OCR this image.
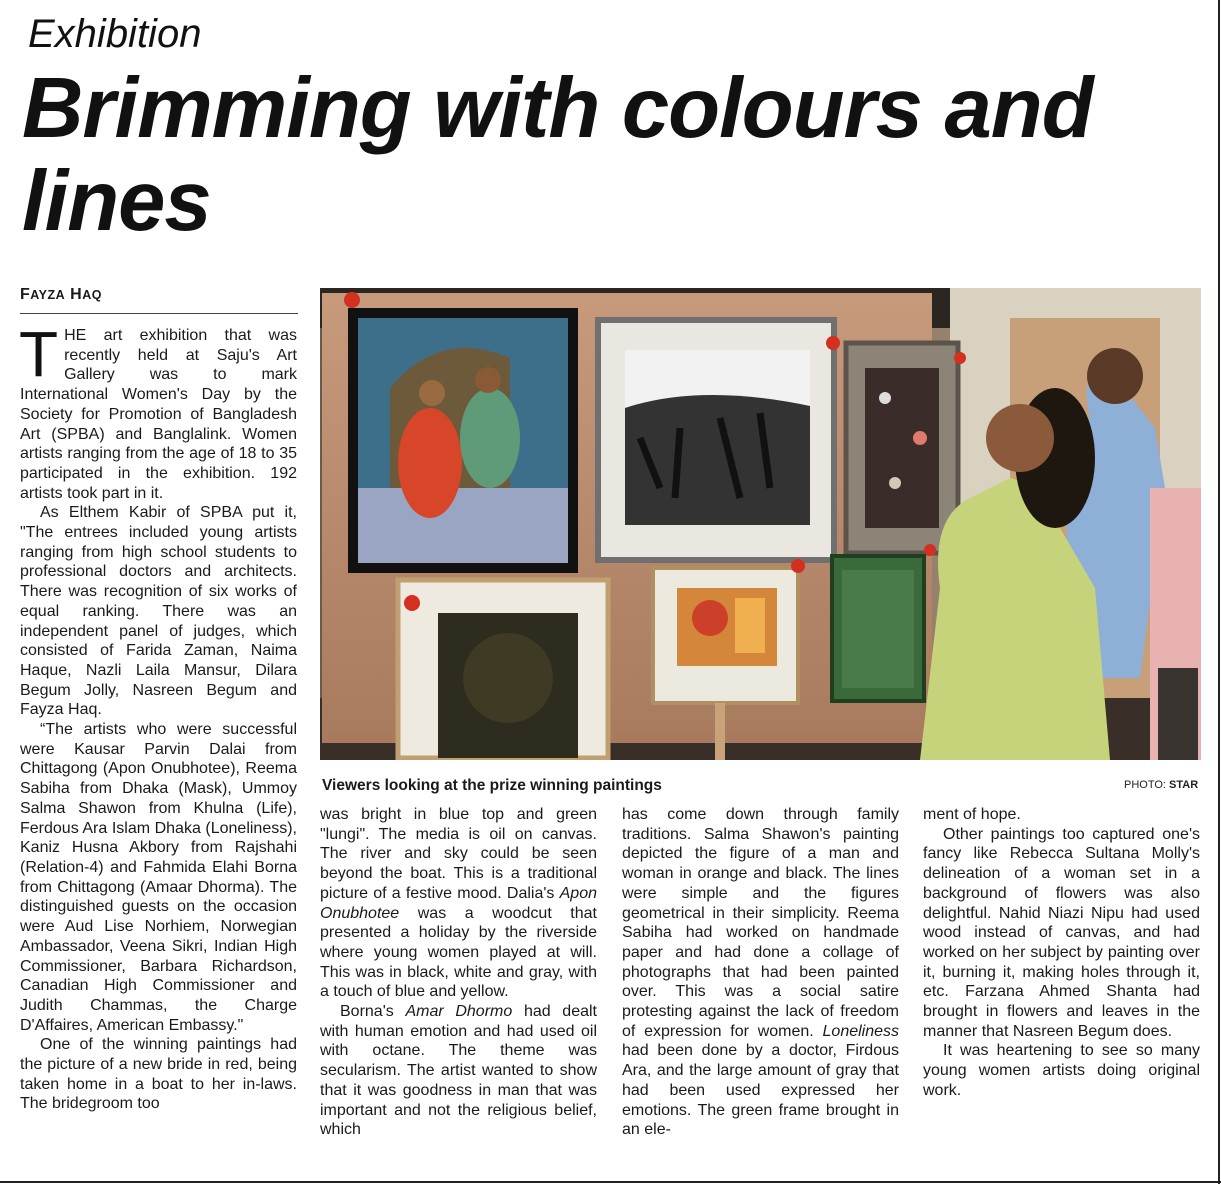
Exhibition
Brimming with colours and lines
FAYZA HAQ

THE art exhibition that was recently held at Saju's Art Gallery was to mark International Women's Day by the Society for Promotion of Bangladesh Art (SPBA) and Banglalink. Women artists ranging from the age of 18 to 35 participated in the exhibition. 192 artists took part in it.

As Elthem Kabir of SPBA put it, "The entrees included young artists ranging from high school students to professional doctors and architects. There was recognition of six works of equal ranking. There was an independent panel of judges, which consisted of Farida Zaman, Naima Haque, Nazli Laila Mansur, Dilara Begum Jolly, Nasreen Begum and Fayza Haq.

“The artists who were successful were Kausar Parvin Dalai from Chittagong (Apon Onubhotee), Reema Sabiha from Dhaka (Mask), Ummoy Salma Shawon from Khulna (Life), Ferdous Ara Islam Dhaka (Loneliness), Kaniz Husna Akbory from Rajshahi (Relation-4) and Fahmida Elahi Borna from Chittagong (Amaar Dhorma). The distinguished guests on the occasion were Aud Lise Norhiem, Norwegian Ambassador, Veena Sikri, Indian High Commissioner, Barbara Richardson, Canadian High Commissioner and Judith Chammas, the Charge D'Affaires, American Embassy."

One of the winning paintings had the picture of a new bride in red, being taken home in a boat to her in-laws. The bridegroom too

Viewers looking at the prize winning paintings	PHOTO: STAR

was bright in blue top and green "lungi". The media is oil on canvas. The river and sky could be seen beyond the boat. This is a traditional picture of a festive mood. Dalia's Apon Onubhotee was a woodcut that presented a holiday by the riverside where young women played at will. This was in black, white and gray, with a touch of blue and yellow.

Borna's Amar Dhormo had dealt with human emotion and had used oil with octane. The theme was secularism. The artist wanted to show that it was goodness in man that was important and not the religious belief, which

has come down through family traditions. Salma Shawon's painting depicted the figure of a man and woman in orange and black. The lines were simple and the figures geometrical in their simplicity. Reema Sabiha had worked on handmade paper and had done a collage of photographs that had been painted over. This was a social satire protesting against the lack of freedom of expression for women. Loneliness had been done by a doctor, Firdous Ara, and the large amount of gray that had been used expressed her emotions. The green frame brought in an ele-

ment of hope.

Other paintings too captured one's fancy like Rebecca Sultana Molly's delineation of a woman set in a background of flowers was also delightful. Nahid Niazi Nipu had used wood instead of canvas, and had worked on her subject by painting over it, burning it, making holes through it, etc. Farzana Ahmed Shanta had brought in flowers and leaves in the manner that Nasreen Begum does.

It was heartening to see so many young women artists doing original work.
